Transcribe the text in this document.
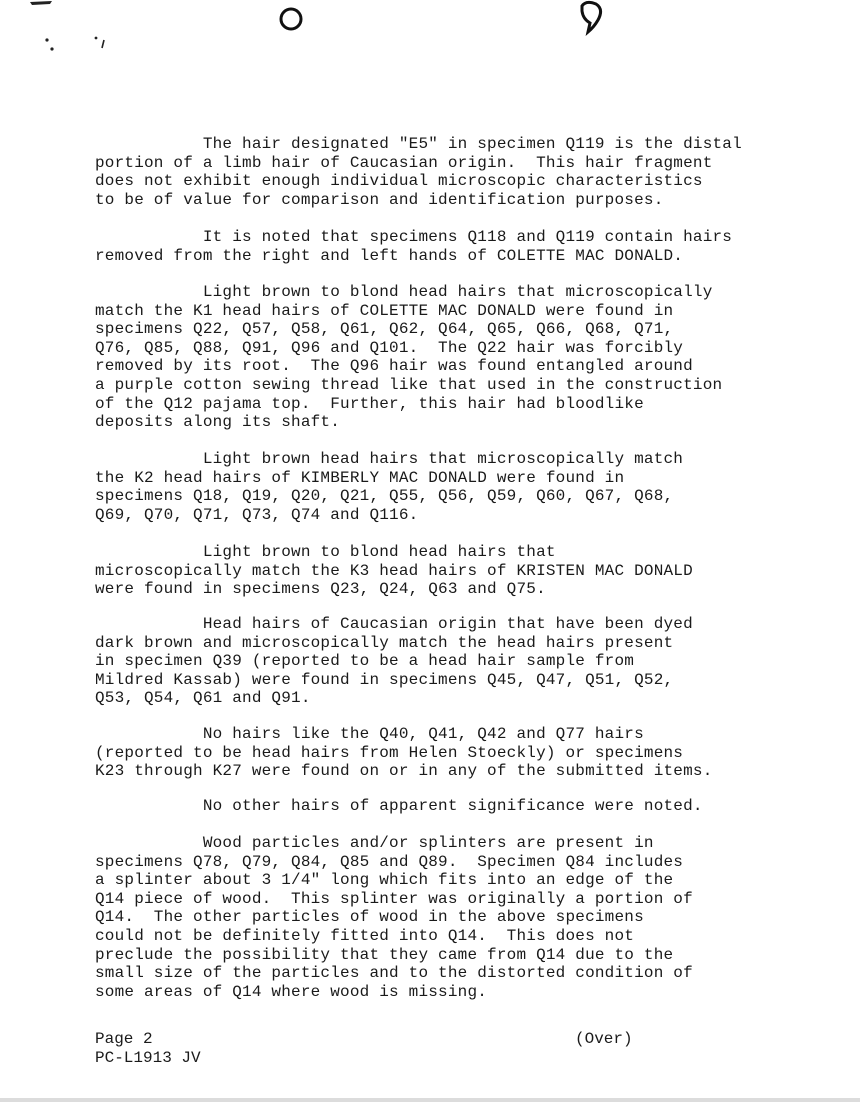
The hair designated "E5" in specimen Q119 is the distal
portion of a limb hair of Caucasian origin.  This hair fragment
does not exhibit enough individual microscopic characteristics
to be of value for comparison and identification purposes.

It is noted that specimens Q118 and Q119 contain hairs
removed from the right and left hands of COLETTE MAC DONALD.

Light brown to blond head hairs that microscopically
match the K1 head hairs of COLETTE MAC DONALD were found in
specimens Q22, Q57, Q58, Q61, Q62, Q64, Q65, Q66, Q68, Q71,
Q76, Q85, Q88, Q91, Q96 and Q101.  The Q22 hair was forcibly
removed by its root.  The Q96 hair was found entangled around
a purple cotton sewing thread like that used in the construction
of the Q12 pajama top.  Further, this hair had bloodlike
deposits along its shaft.

Light brown head hairs that microscopically match
the K2 head hairs of KIMBERLY MAC DONALD were found in
specimens Q18, Q19, Q20, Q21, Q55, Q56, Q59, Q60, Q67, Q68,
Q69, Q70, Q71, Q73, Q74 and Q116.

Light brown to blond head hairs that
microscopically match the K3 head hairs of KRISTEN MAC DONALD
were found in specimens Q23, Q24, Q63 and Q75.

Head hairs of Caucasian origin that have been dyed
dark brown and microscopically match the head hairs present
in specimen Q39 (reported to be a head hair sample from
Mildred Kassab) were found in specimens Q45, Q47, Q51, Q52,
Q53, Q54, Q61 and Q91.

No hairs like the Q40, Q41, Q42 and Q77 hairs
(reported to be head hairs from Helen Stoeckly) or specimens
K23 through K27 were found on or in any of the submitted items.

No other hairs of apparent significance were noted.

Wood particles and/or splinters are present in
specimens Q78, Q79, Q84, Q85 and Q89.  Specimen Q84 includes
a splinter about 3 1/4" long which fits into an edge of the
Q14 piece of wood.  This splinter was originally a portion of
Q14.  The other particles of wood in the above specimens
could not be definitely fitted into Q14.  This does not
preclude the possibility that they came from Q14 due to the
small size of the particles and to the distorted condition of
some areas of Q14 where wood is missing.

Page 2
PC-L1913 JV
(Over)
